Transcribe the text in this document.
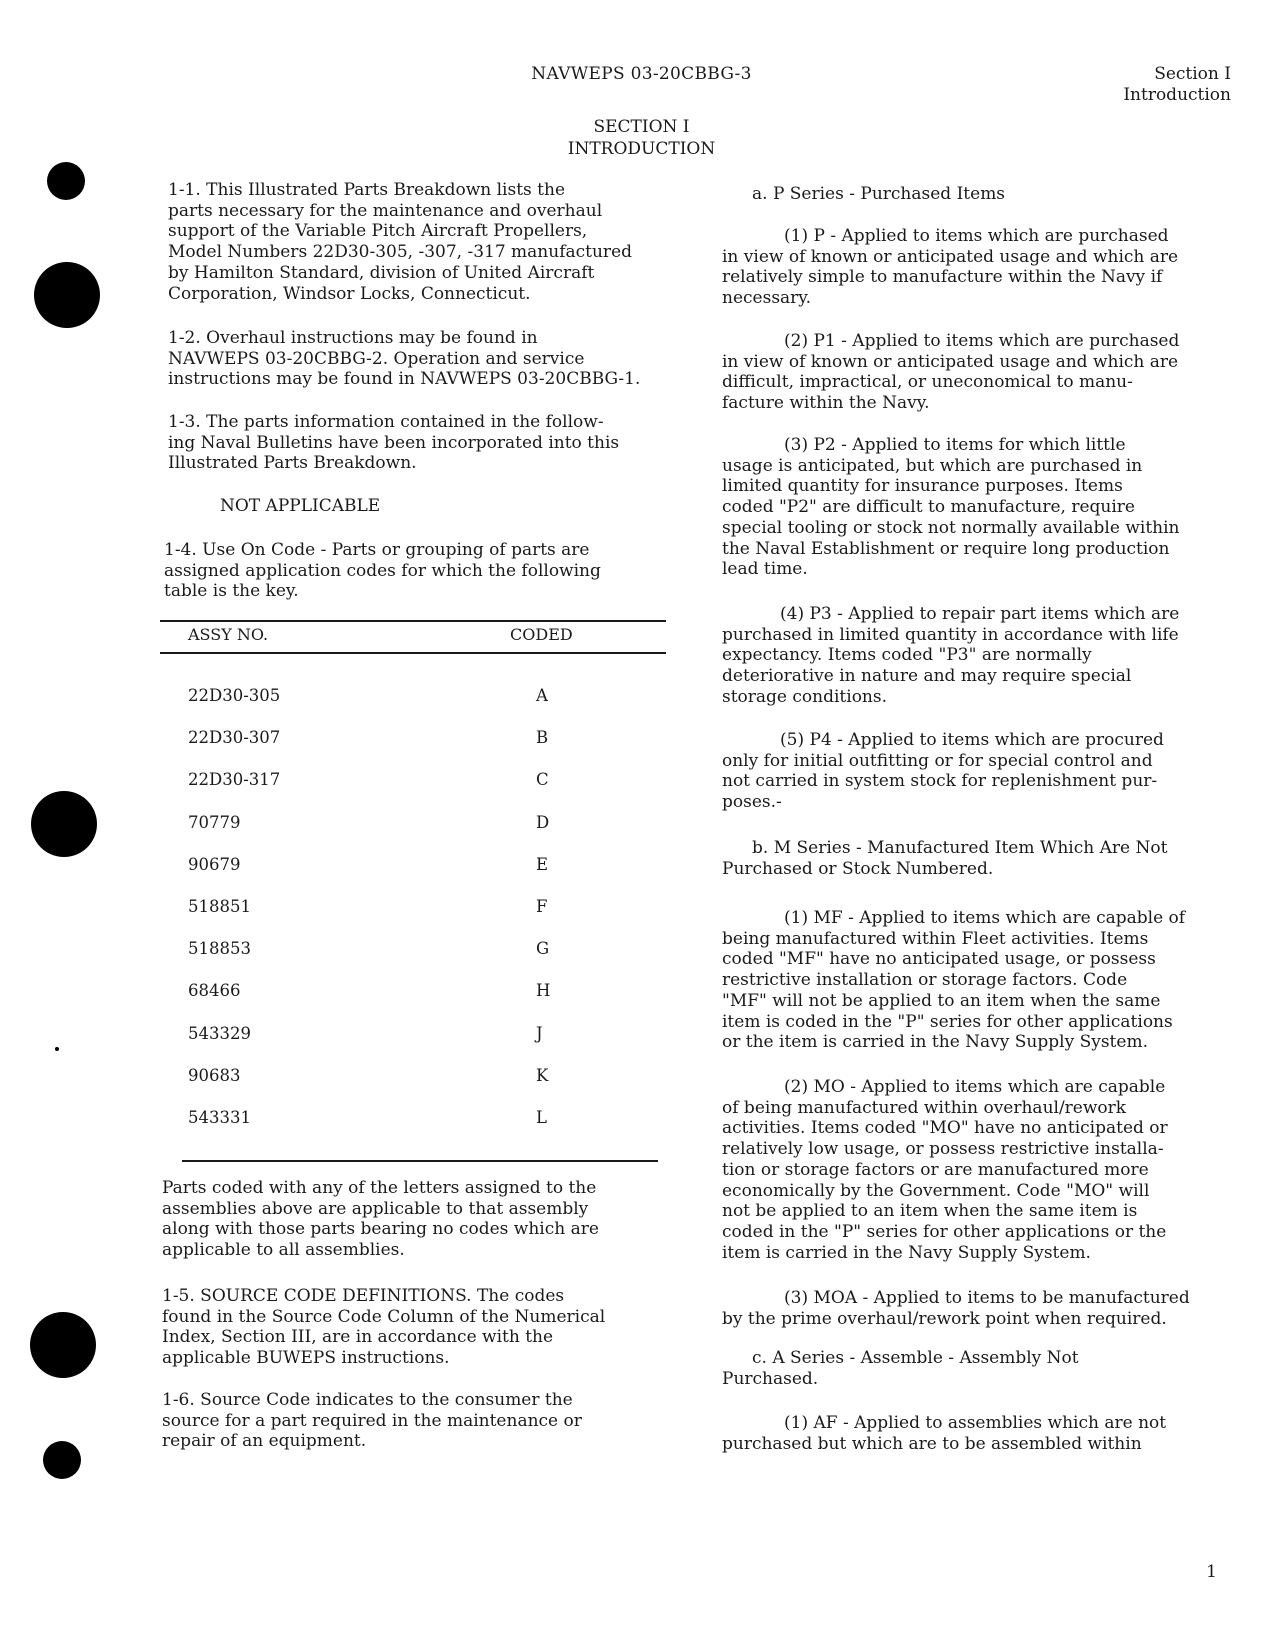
NAVWEPS 03-20CBBG-3	Section I
Introduction
SECTION I
INTRODUCTION
1-1. This Illustrated Parts Breakdown lists the
parts necessary for the maintenance and overhaul
support of the Variable Pitch Aircraft Propellers,
Model Numbers 22D30-305, -307, -317 manufactured
by Hamilton Standard, division of United Aircraft
Corporation, Windsor Locks, Connecticut.
1-2. Overhaul instructions may be found in
NAVWEPS 03-20CBBG-2. Operation and service
instructions may be found in NAVWEPS 03-20CBBG-1.
1-3. The parts information contained in the follow-
ing Naval Bulletins have been incorporated into this
Illustrated Parts Breakdown.
NOT APPLICABLE
1-4. Use On Code - Parts or grouping of parts are
assigned application codes for which the following
table is the key.
ASSY NO.	CODED
22D30-305	A
22D30-307	B
22D30-317	C
70779	D
90679	E
518851	F
518853	G
68466	H
543329	J
90683	K
543331	L
Parts coded with any of the letters assigned to the
assemblies above are applicable to that assembly
along with those parts bearing no codes which are
applicable to all assemblies.
1-5. SOURCE CODE DEFINITIONS. The codes
found in the Source Code Column of the Numerical
Index, Section III, are in accordance with the
applicable BUWEPS instructions.
1-6. Source Code indicates to the consumer the
source for a part required in the maintenance or
repair of an equipment.
a. P Series - Purchased Items
(1) P - Applied to items which are purchased
in view of known or anticipated usage and which are
relatively simple to manufacture within the Navy if
necessary.
(2) P1 - Applied to items which are purchased
in view of known or anticipated usage and which are
difficult, impractical, or uneconomical to manu-
facture within the Navy.
(3) P2 - Applied to items for which little
usage is anticipated, but which are purchased in
limited quantity for insurance purposes. Items
coded "P2" are difficult to manufacture, require
special tooling or stock not normally available within
the Naval Establishment or require long production
lead time.
(4) P3 - Applied to repair part items which are
purchased in limited quantity in accordance with life
expectancy. Items coded "P3" are normally
deteriorative in nature and may require special
storage conditions.
(5) P4 - Applied to items which are procured
only for initial outfitting or for special control and
not carried in system stock for replenishment pur-
poses.-
b. M Series - Manufactured Item Which Are Not
Purchased or Stock Numbered.
(1) MF - Applied to items which are capable of
being manufactured within Fleet activities. Items
coded "MF" have no anticipated usage, or possess
restrictive installation or storage factors. Code
"MF" will not be applied to an item when the same
item is coded in the "P" series for other applications
or the item is carried in the Navy Supply System.
(2) MO - Applied to items which are capable
of being manufactured within overhaul/rework
activities. Items coded "MO" have no anticipated or
relatively low usage, or possess restrictive installa-
tion or storage factors or are manufactured more
economically by the Government. Code "MO" will
not be applied to an item when the same item is
coded in the "P" series for other applications or the
item is carried in the Navy Supply System.
(3) MOA - Applied to items to be manufactured
by the prime overhaul/rework point when required.
c. A Series - Assemble - Assembly Not
Purchased.
(1) AF - Applied to assemblies which are not
purchased but which are to be assembled within
1
